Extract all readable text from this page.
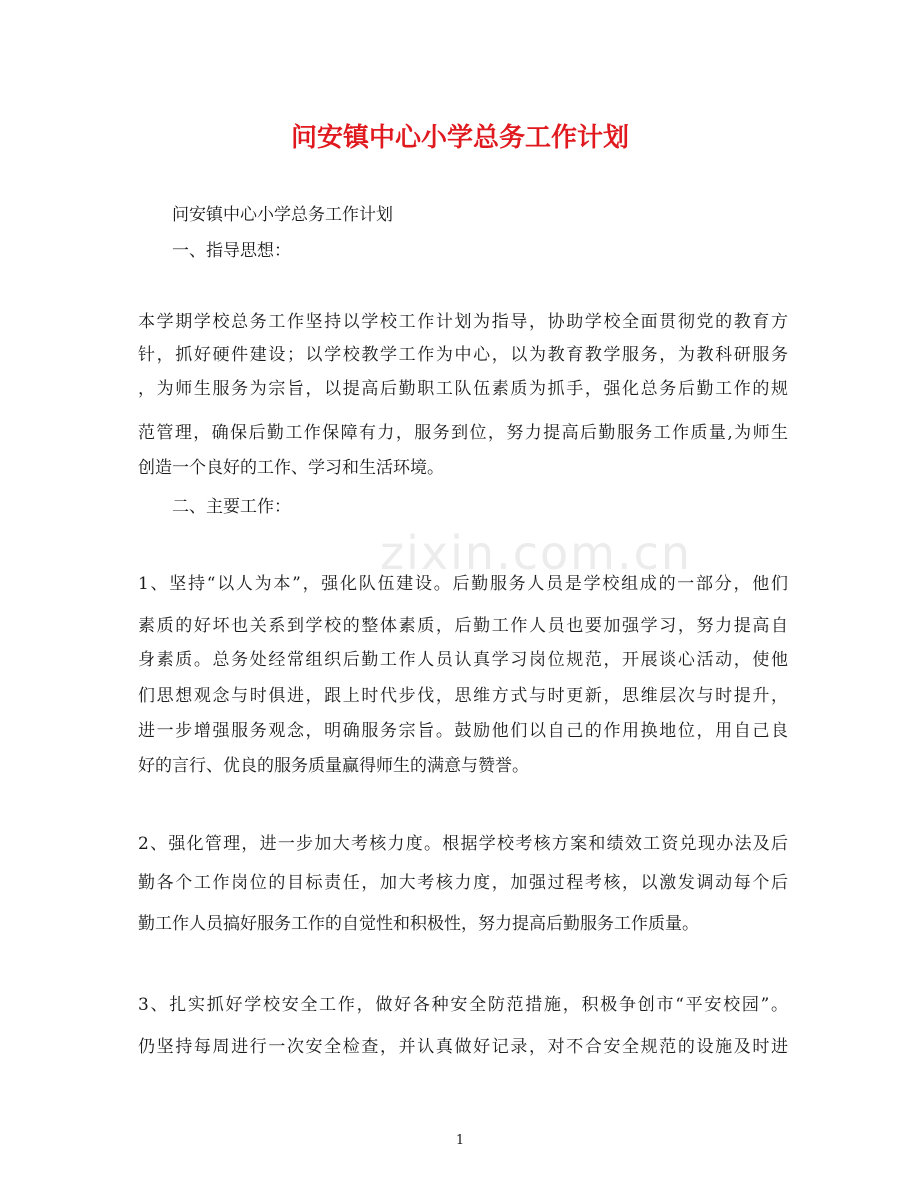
zixin.com.cn
问安镇中心小学总务工作计划
问安镇中心小学总务工作计划
一、指导思想：
本学期学校总务工作坚持以学校工作计划为指导，协助学校全面贯彻党的教育方
针，抓好硬件建设；以学校教学工作为中心，以为教育教学服务，为教科研服务
，为师生服务为宗旨，以提高后勤职工队伍素质为抓手，强化总务后勤工作的规
范管理，确保后勤工作保障有力，服务到位，努力提高后勤服务工作质量,为师生
创造一个良好的工作、学习和生活环境。
二、主要工作：
1、坚持“以人为本”，强化队伍建设。后勤服务人员是学校组成的一部分，他们
素质的好坏也关系到学校的整体素质，后勤工作人员也要加强学习，努力提高自
身素质。总务处经常组织后勤工作人员认真学习岗位规范，开展谈心活动，使他
们思想观念与时俱进，跟上时代步伐，思维方式与时更新，思维层次与时提升，
进一步增强服务观念，明确服务宗旨。鼓励他们以自己的作用换地位，用自己良
好的言行、优良的服务质量赢得师生的满意与赞誉。
2、强化管理，进一步加大考核力度。根据学校考核方案和绩效工资兑现办法及后
勤各个工作岗位的目标责任，加大考核力度，加强过程考核，以激发调动每个后
勤工作人员搞好服务工作的自觉性和积极性，努力提高后勤服务工作质量。
3、扎实抓好学校安全工作，做好各种安全防范措施，积极争创市“平安校园”。
仍坚持每周进行一次安全检查，并认真做好记录，对不合安全规范的设施及时进
1
